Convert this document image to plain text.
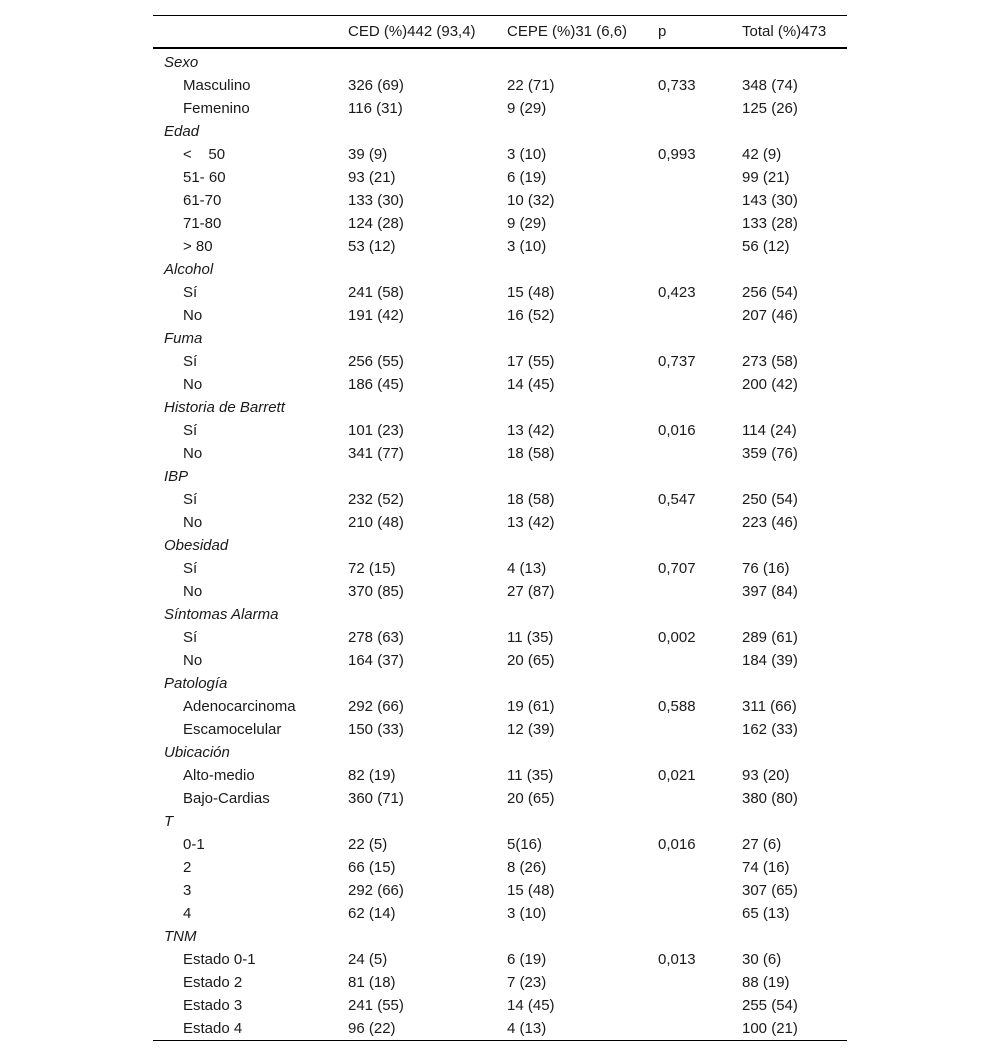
	CED (%)442 (93,4)	CEPE (%)31 (6,6)	p	Total (%)473
Sexo				
Masculino	326 (69)	22 (71)	0,733	348 (74)
Femenino	116 (31)	9 (29)		125 (26)
Edad				
<    50	39 (9)	3 (10)	0,993	42 (9)
51- 60	93 (21)	6 (19)		99 (21)
61-70	133 (30)	10 (32)		143 (30)
71-80	124 (28)	9 (29)		133 (28)
> 80	53 (12)	3 (10)		56 (12)
Alcohol				
Sí	241 (58)	15 (48)	0,423	256 (54)
No	191 (42)	16 (52)		207 (46)
Fuma				
Sí	256 (55)	17 (55)	0,737	273 (58)
No	186 (45)	14 (45)		200 (42)
Historia de Barrett				
Sí	101 (23)	13 (42)	0,016	114 (24)
No	341 (77)	18 (58)		359 (76)
IBP				
Sí	232 (52)	18 (58)	0,547	250 (54)
No	210 (48)	13 (42)		223 (46)
Obesidad				
Sí	72 (15)	4 (13)	0,707	76 (16)
No	370 (85)	27 (87)		397 (84)
Síntomas Alarma				
Sí	278 (63)	11 (35)	0,002	289 (61)
No	164 (37)	20 (65)		184 (39)
Patología				
Adenocarcinoma	292 (66)	19 (61)	0,588	311 (66)
Escamocelular	150 (33)	12 (39)		162 (33)
Ubicación				
Alto-medio	82 (19)	11 (35)	0,021	93 (20)
Bajo-Cardias	360 (71)	20 (65)		380 (80)
T				
0-1	22 (5)	5(16)	0,016	27 (6)
2	66 (15)	8 (26)		74 (16)
3	292 (66)	15 (48)		307 (65)
4	62 (14)	3 (10)		65 (13)
TNM				
Estado 0-1	24 (5)	6 (19)	0,013	30 (6)
Estado 2	81 (18)	7 (23)		88 (19)
Estado 3	241 (55)	14 (45)		255 (54)
Estado 4	96 (22)	4 (13)		100 (21)
